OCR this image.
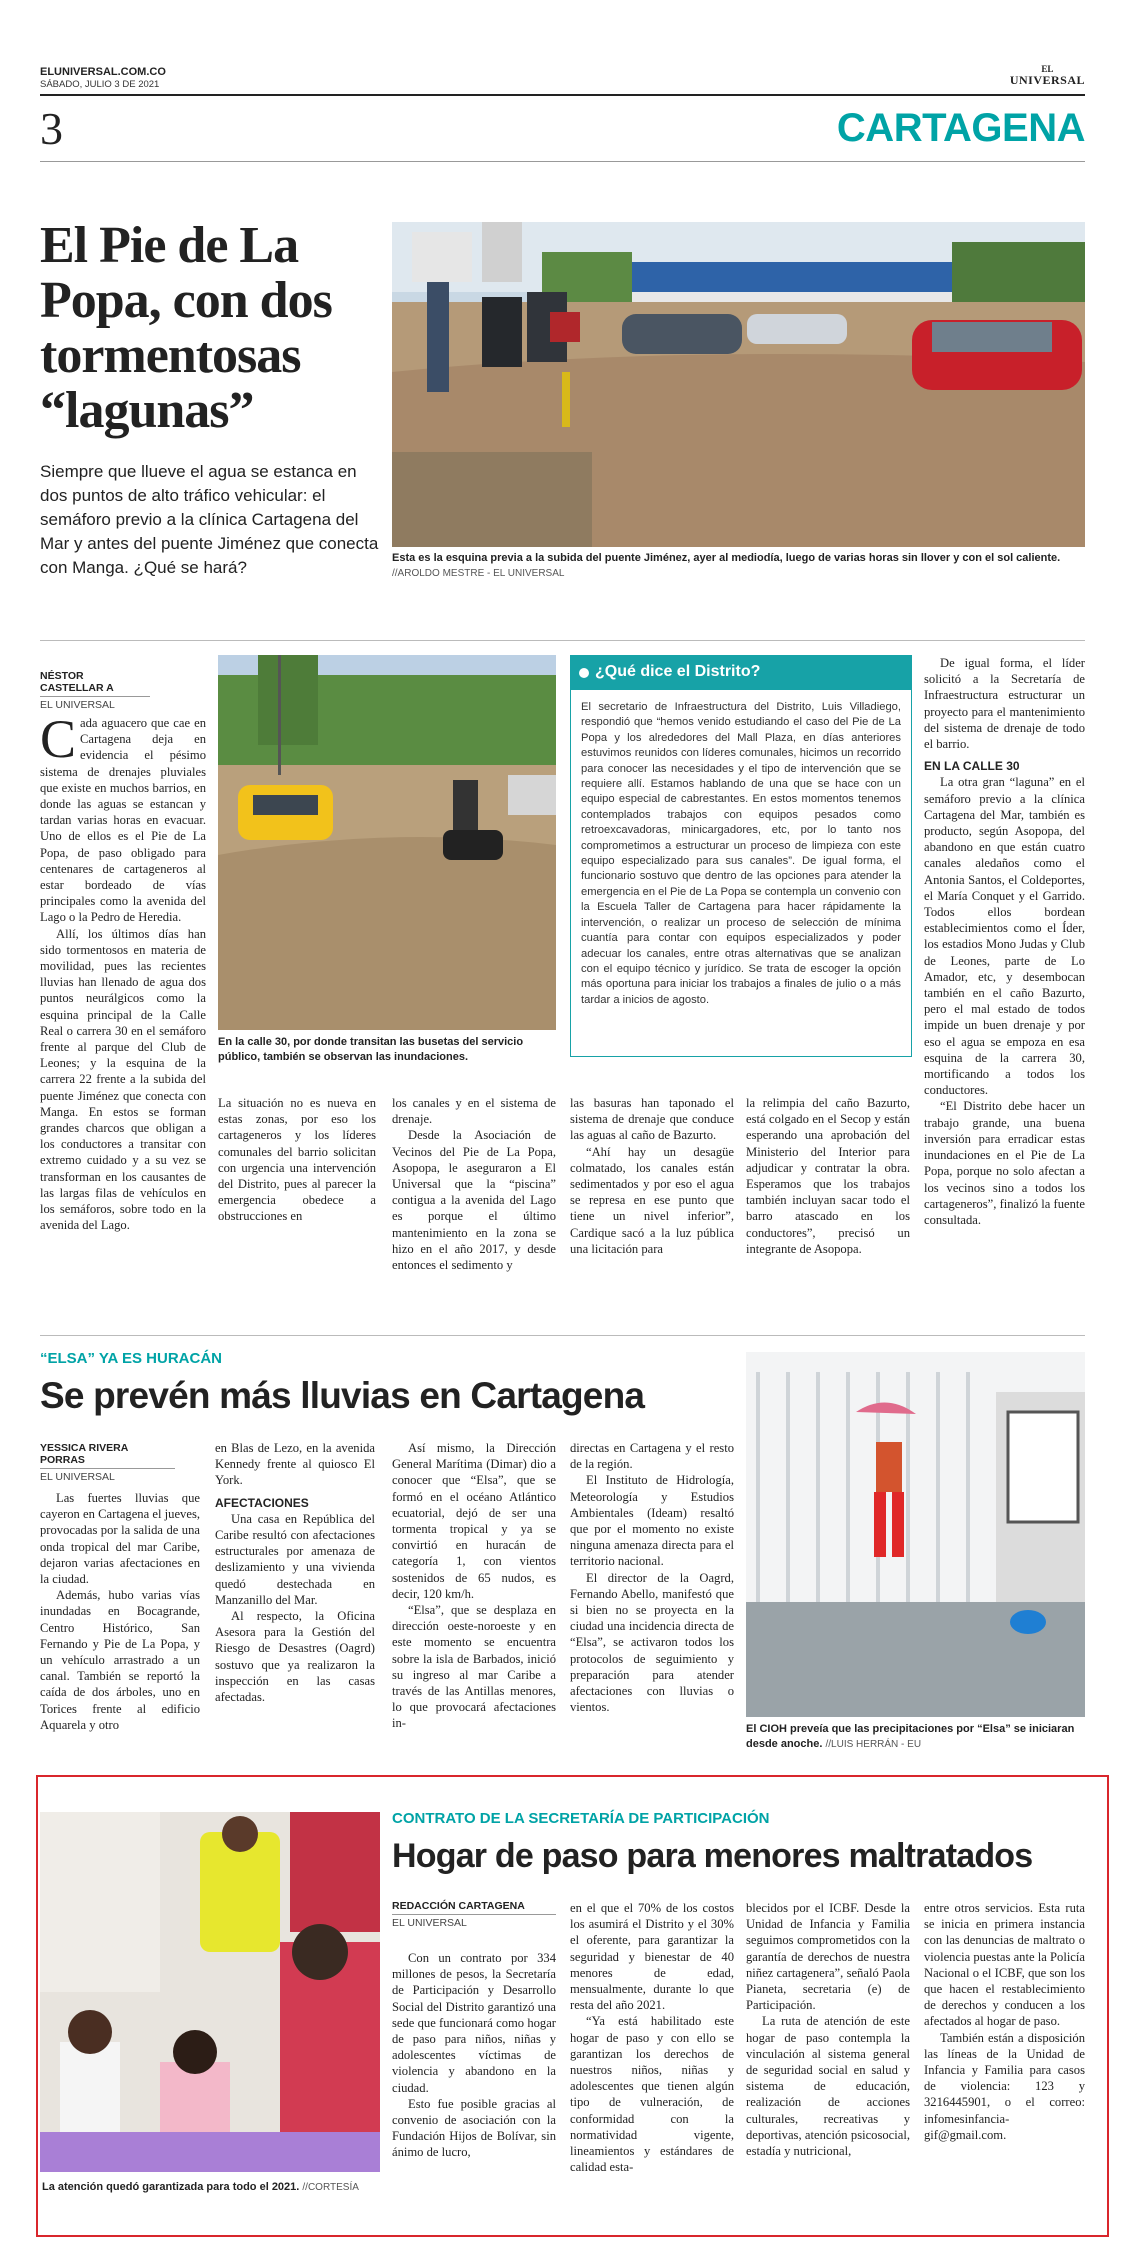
ELUNIVERSAL.COM.CO
SÁBADO, JULIO 3 DE 2021
EL
UNIVERSAL
3	CARTAGENA
El Pie de La Popa, con dos tormentosas “lagunas”
Siempre que llueve el agua se estanca en dos puntos de alto tráfico vehicular: el semáforo previo a la clínica Cartagena del Mar y antes del puente Jiménez que conecta con Manga. ¿Qué se hará?	Esta es la esquina previa a la subida del puente Jiménez, ayer al mediodía, luego de varias horas sin llover y con el sol caliente. //AROLDO MESTRE - EL UNIVERSAL
NÉSTOR CASTELLAR A
EL UNIVERSAL

Cada aguacero que cae en Cartagena deja en evidencia el pésimo sistema de drenajes pluviales que existe en muchos barrios, en donde las aguas se estancan y tardan varias horas en evacuar. Uno de ellos es el Pie de La Popa, de paso obligado para centenares de cartageneros al estar bordeado de vías principales como la avenida del Lago o la Pedro de Heredia.

Allí, los últimos días han sido tormentosos en materia de movilidad, pues las recientes lluvias han llenado de agua dos puntos neurálgicos como la esquina principal de la Calle Real o carrera 30 en el semáforo frente al parque del Club de Leones; y la esquina de la carrera 22 frente a la subida del puente Jiménez que conecta con Manga. En estos se forman grandes charcos que obligan a los conductores a transitar con extremo cuidado y a su vez se transforman en los causantes de las largas filas de vehículos en los semáforos, sobre todo en la avenida del Lago.

En la calle 30, por donde transitan las busetas del servicio público, también se observan las inundaciones.

La situación no es nueva en estas zonas, por eso los cartageneros y los líderes comunales del barrio solicitan con urgencia una intervención del Distrito, pues al parecer la emergencia obedece a obstrucciones en

los canales y en el sistema de drenaje.

Desde la Asociación de Vecinos del Pie de La Popa, Asopopa, le aseguraron a El Universal que la “piscina” contigua a la avenida del Lago es porque el último mantenimiento en la zona se hizo en el año 2017, y desde entonces el sedimento y

¿Qué dice el Distrito?
El secretario de Infraestructura del Distrito, Luis Villadiego, respondió que “hemos venido estudiando el caso del Pie de La Popa y los alrededores del Mall Plaza, en días anteriores estuvimos reunidos con líderes comunales, hicimos un recorrido para conocer las necesidades y el tipo de intervención que se requiere allí. Estamos hablando de una que se hace con un equipo especial de cabrestantes. En estos momentos tenemos contemplados trabajos con equipos pesados como retroexcavadoras, minicargadores, etc, por lo tanto nos comprometimos a estructurar un proceso de limpieza con este equipo especializado para sus canales”. De igual forma, el funcionario sostuvo que dentro de las opciones para atender la emergencia en el Pie de La Popa se contempla un convenio con la Escuela Taller de Cartagena para hacer rápidamente la intervención, o realizar un proceso de selección de mínima cuantía para contar con equipos especializados y poder adecuar los canales, entre otras alternativas que se analizan con el equipo técnico y jurídico. Se trata de escoger la opción más oportuna para iniciar los trabajos a finales de julio o a más tardar a inicios de agosto.

las basuras han taponado el sistema de drenaje que conduce las aguas al caño de Bazurto.

“Ahí hay un desagüe colmatado, los canales están sedimentados y por eso el agua se represa en ese punto que tiene un nivel inferior”, Cardique sacó a la luz pública una licitación para

la relimpia del caño Bazurto, está colgado en el Secop y están esperando una aprobación del Ministerio del Interior para adjudicar y contratar la obra. Esperamos que los trabajos también incluyan sacar todo el barro atascado en los conductores”, precisó un integrante de Asopopa.

De igual forma, el líder solicitó a la Secretaría de Infraestructura estructurar un proyecto para el mantenimiento del sistema de drenaje de todo el barrio.

EN LA CALLE 30

La otra gran “laguna” en el semáforo previo a la clínica Cartagena del Mar, también es producto, según Asopopa, del abandono en que están cuatro canales aledaños como el Antonia Santos, el Coldeportes, el María Conquet y el Garrido. Todos ellos bordean establecimientos como el Íder, los estadios Mono Judas y Club de Leones, parte de Lo Amador, etc, y desembocan también en el caño Bazurto, pero el mal estado de todos impide un buen drenaje y por eso el agua se empoza en esa esquina de la carrera 30, mortificando a todos los conductores.

“El Distrito debe hacer un trabajo grande, una buena inversión para erradicar estas inundaciones en el Pie de La Popa, porque no solo afectan a los vecinos sino a todos los cartageneros”, finalizó la fuente consultada.

“ELSA” YA ES HURACÁN
Se prevén más lluvias en Cartagena
YESSICA RIVERA PORRAS
EL UNIVERSAL

Las fuertes lluvias que cayeron en Cartagena el jueves, provocadas por la salida de una onda tropical del mar Caribe, dejaron varias afectaciones en la ciudad.

Además, hubo varias vías inundadas en Bocagrande, Centro Histórico, San Fernando y Pie de La Popa, y un vehículo arrastrado a un canal. También se reportó la caída de dos árboles, uno en Torices frente al edificio Aquarela y otro

en Blas de Lezo, en la avenida Kennedy frente al quiosco El York.

AFECTACIONES

Una casa en República del Caribe resultó con afectaciones estructurales por amenaza de deslizamiento y una vivienda quedó destechada en Manzanillo del Mar.

Al respecto, la Oficina Asesora para la Gestión del Riesgo de Desastres (Oagrd) sostuvo que ya realizaron la inspección en las casas afectadas.

Así mismo, la Dirección General Marítima (Dimar) dio a conocer que “Elsa”, que se formó en el océano Atlántico ecuatorial, dejó de ser una tormenta tropical y ya se convirtió en huracán de categoría 1, con vientos sostenidos de 65 nudos, es decir, 120 km/h.

“Elsa”, que se desplaza en dirección oeste-noroeste y en este momento se encuentra sobre la isla de Barbados, inició su ingreso al mar Caribe a través de las Antillas menores, lo que provocará afectaciones in-

directas en Cartagena y el resto de la región.

El Instituto de Hidrología, Meteorología y Estudios Ambientales (Ideam) resaltó que por el momento no existe ninguna amenaza directa para el territorio nacional.

El director de la Oagrd, Fernando Abello, manifestó que si bien no se proyecta en la ciudad una incidencia directa de “Elsa”, se activaron todos los protocolos de seguimiento y preparación para atender afectaciones con lluvias o vientos.

El CIOH preveía que las precipitaciones por “Elsa” se iniciaran desde anoche. //LUIS HERRÁN - EU
La atención quedó garantizada para todo el 2021. //CORTESÍA
CONTRATO DE LA SECRETARÍA DE PARTICIPACIÓN
Hogar de paso para menores maltratados
REDACCIÓN CARTAGENA
EL UNIVERSAL

Con un contrato por 334 millones de pesos, la Secretaría de Participación y Desarrollo Social del Distrito garantizó una sede que funcionará como hogar de paso para niños, niñas y adolescentes víctimas de violencia y abandono en la ciudad.

Esto fue posible gracias al convenio de asociación con la Fundación Hijos de Bolívar, sin ánimo de lucro,

en el que el 70% de los costos los asumirá el Distrito y el 30% el oferente, para garantizar la seguridad y bienestar de 40 menores de edad, mensualmente, durante lo que resta del año 2021.

“Ya está habilitado este hogar de paso y con ello se garantizan los derechos de nuestros niños, niñas y adolescentes que tienen algún tipo de vulneración, de conformidad con la normatividad vigente, lineamientos y estándares de calidad esta-

blecidos por el ICBF. Desde la Unidad de Infancia y Familia seguimos comprometidos con la garantía de derechos de nuestra niñez cartagenera”, señaló Paola Pianeta, secretaria (e) de Participación.

La ruta de atención de este hogar de paso contempla la vinculación al sistema general de seguridad social en salud y sistema de educación, realización de acciones culturales, recreativas y deportivas, atención psicosocial, estadía y nutricional,

entre otros servicios. Esta ruta se inicia en primera instancia con las denuncias de maltrato o violencia puestas ante la Policía Nacional o el ICBF, que son los que hacen el restablecimiento de derechos y conducen a los afectados al hogar de paso.

También están a disposición las líneas de la Unidad de Infancia y Familia para casos de violencia: 123 y 3216445901, o el correo: infomesinfancia-gif@gmail.com.
